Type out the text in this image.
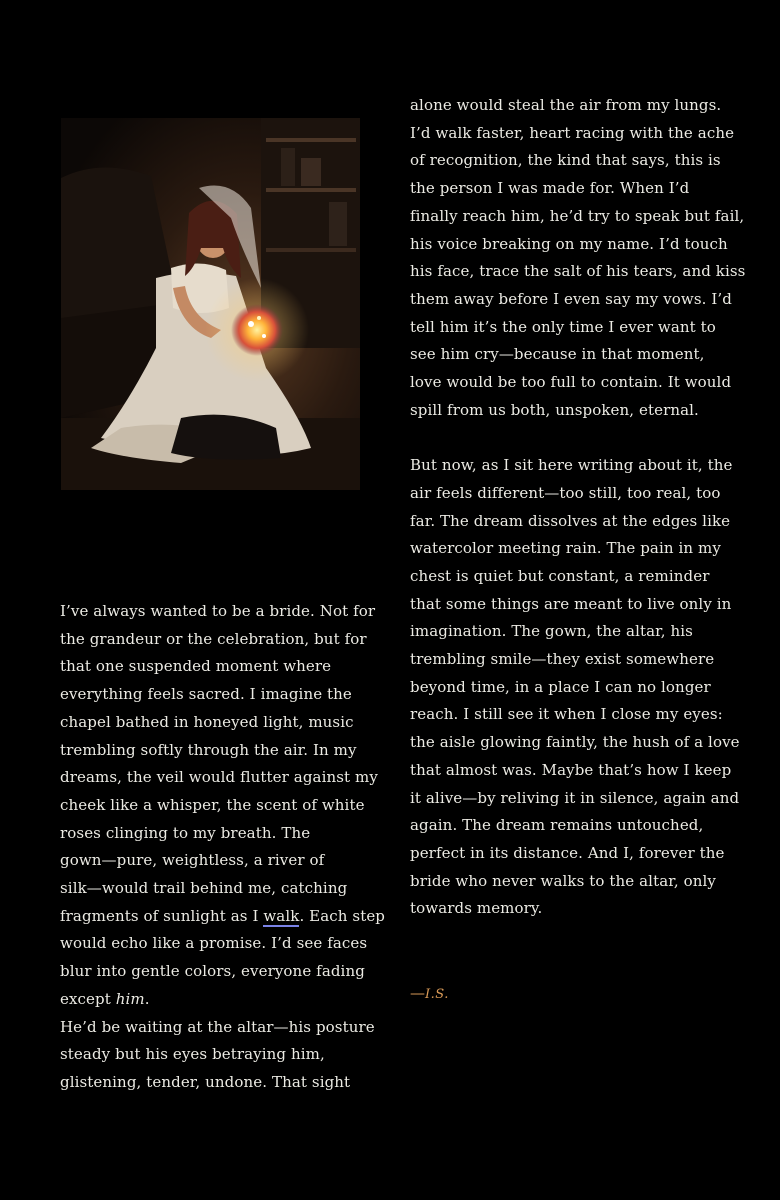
I’ve always wanted to be a bride. Not for
the grandeur or the celebration, but for
that one suspended moment where
everything feels sacred. I imagine the
chapel bathed in honeyed light, music
trembling softly through the air. In my
dreams, the veil would flutter against my
cheek like a whisper, the scent of white
roses clinging to my breath. The
gown—pure, weightless, a river of
silk—would trail behind me, catching
fragments of sunlight as I walk. Each step
would echo like a promise. I’d see faces
blur into gentle colors, everyone fading
except him.
He’d be waiting at the altar—his posture
steady but his eyes betraying him,
glistening, tender, undone. That sight
alone would steal the air from my lungs.
I’d walk faster, heart racing with the ache
of recognition, the kind that says, this is
the person I was made for. When I’d
finally reach him, he’d try to speak but fail,
his voice breaking on my name. I’d touch
his face, trace the salt of his tears, and kiss
them away before I even say my vows. I’d
tell him it’s the only time I ever want to
see him cry—because in that moment,
love would be too full to contain. It would
spill from us both, unspoken, eternal.
But now, as I sit here writing about it, the
air feels different—too still, too real, too
far. The dream dissolves at the edges like
watercolor meeting rain. The pain in my
chest is quiet but constant, a reminder
that some things are meant to live only in
imagination. The gown, the altar, his
trembling smile—they exist somewhere
beyond time, in a place I can no longer
reach. I still see it when I close my eyes:
the aisle glowing faintly, the hush of a love
that almost was. Maybe that’s how I keep
it alive—by reliving it in silence, again and
again. The dream remains untouched,
perfect in its distance. And I, forever the
bride who never walks to the altar, only
towards memory.
—I.S.
